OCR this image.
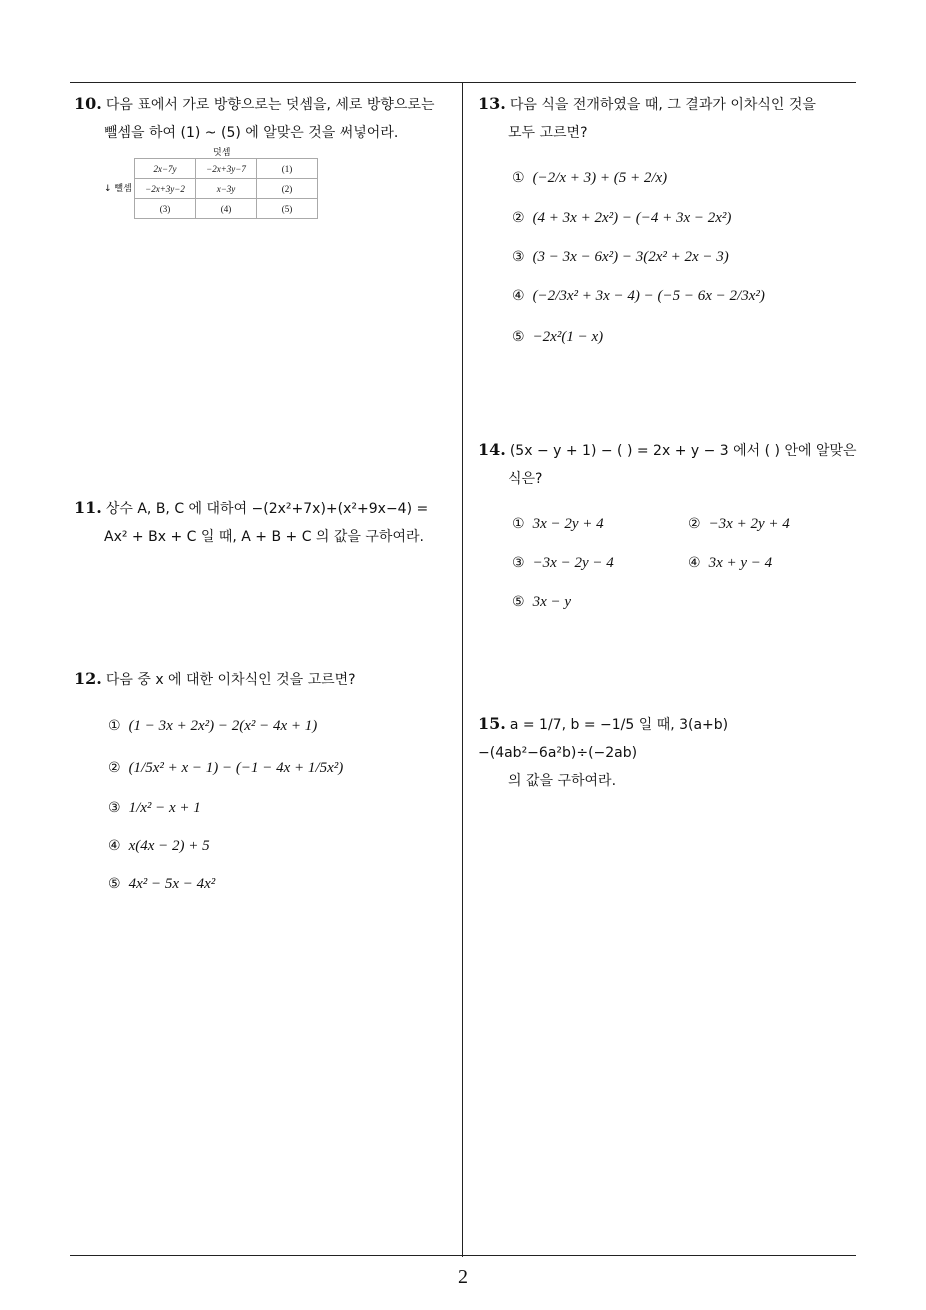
10. 다음 표에서 가로 방향으로는 덧셈을, 세로 방향으로는
뺄셈을 하여 (1) ~ (5) 에 알맞은 것을 써넣어라.
덧셈
↓ 뺄셈
2x−7y	−2x+3y−7	(1)
−2x+3y−2	x−3y	(2)
(3)	(4)	(5)
11. 상수 A, B, C 에 대하여 −(2x²+7x)+(x²+9x−4) =
Ax² + Bx + C 일 때, A + B + C 의 값을 구하여라.
12. 다음 중 x 에 대한 이차식인 것을 고르면?
① (1 − 3x + 2x²) − 2(x² − 4x + 1)
② (1/5x² + x − 1) − (−1 − 4x + 1/5x²)
③ 1/x² − x + 1
④ x(4x − 2) + 5
⑤ 4x² − 5x − 4x²
13. 다음 식을 전개하였을 때, 그 결과가 이차식인 것을
모두 고르면?
① (−2/x + 3) + (5 + 2/x)
② (4 + 3x + 2x²) − (−4 + 3x − 2x²)
③ (3 − 3x − 6x²) − 3(2x² + 2x − 3)
④ (−2/3x² + 3x − 4) − (−5 − 6x − 2/3x²)
⑤ −2x²(1 − x)
14. (5x − y + 1) − ( ) = 2x + y − 3 에서 ( ) 안에 알맞은
식은?
① 3x − 2y + 4	② −3x + 2y + 4
③ −3x − 2y − 4	④ 3x + y − 4
⑤ 3x − y
15. a = 1/7, b = −1/5 일 때, 3(a+b)−(4ab²−6a²b)÷(−2ab)
의 값을 구하여라.
2
